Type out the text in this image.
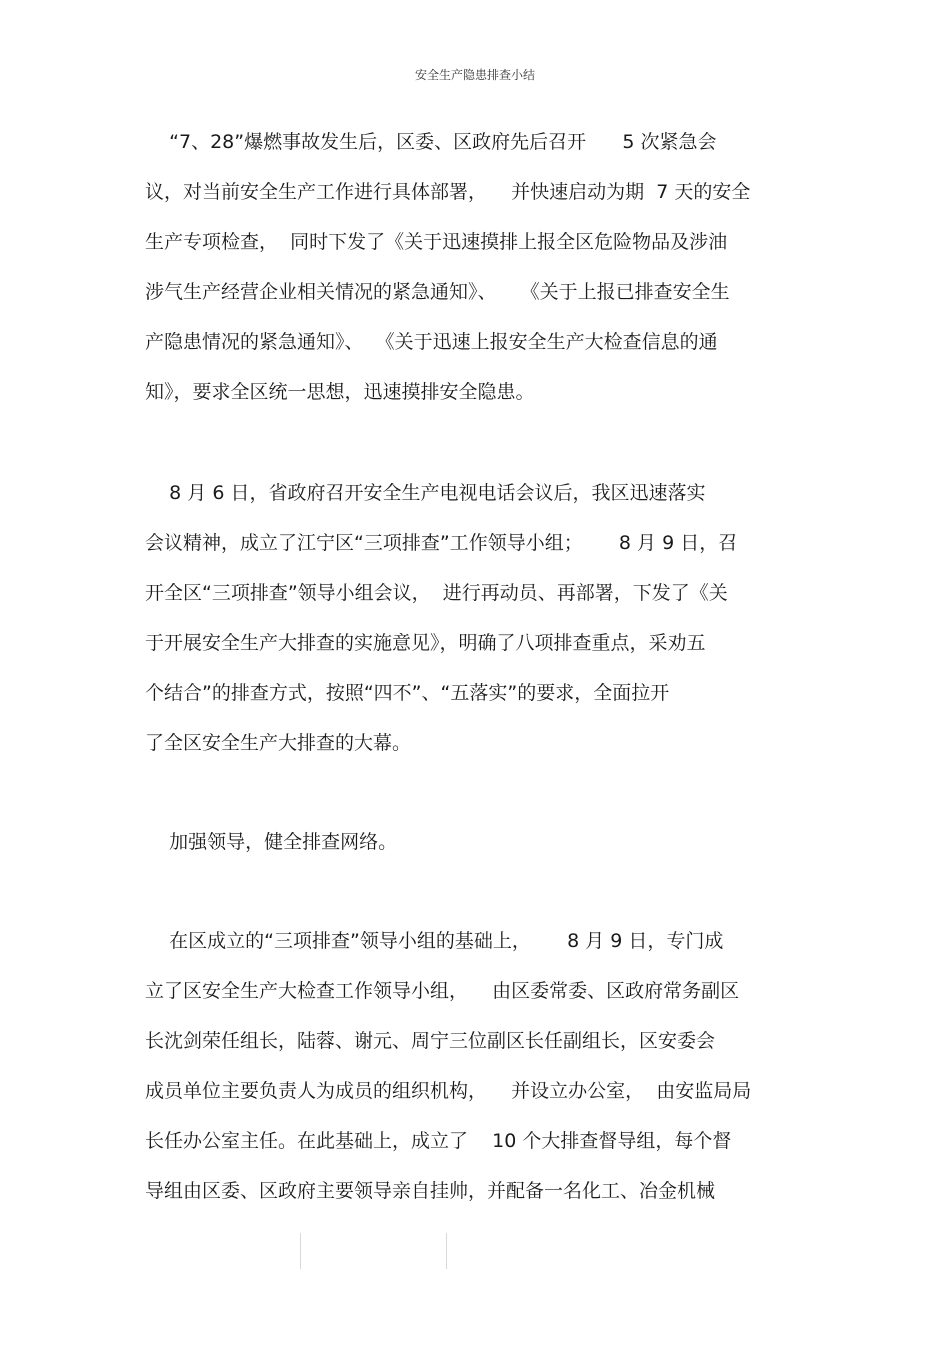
安全生产隐患排查小结
“7、28”爆燃事故发生后，区委、区政府先后召开      5 次紧急会
议，对当前安全生产工作进行具体部署，    并快速启动为期  7 天的安全
生产专项检查，  同时下发了《关于迅速摸排上报全区危险物品及涉油
涉气生产经营企业相关情况的紧急通知》、    《关于上报已排查安全生
产隐患情况的紧急通知》、  《关于迅速上报安全生产大检查信息的通
知》，要求全区统一思想，迅速摸排安全隐患。
8 月 6 日，省政府召开安全生产电视电话会议后，我区迅速落实
会议精神，成立了江宁区“三项排查”工作领导小组；      8 月 9 日，召
开全区“三项排查”领导小组会议，  进行再动员、再部署，下发了《关
于开展安全生产大排查的实施意见》，明确了八项排查重点，采劝五
个结合”的排查方式，按照“四不”、“五落实”的要求，全面拉开
了全区安全生产大排查的大幕。
加强领导，健全排查网络。
在区成立的“三项排查”领导小组的基础上，      8 月 9 日，专门成
立了区安全生产大检查工作领导小组，    由区委常委、区政府常务副区
长沈剑荣任组长，陆蓉、谢元、周宁三位副区长任副组长，区安委会
成员单位主要负责人为成员的组织机构，    并设立办公室，  由安监局局
长任办公室主任。在此基础上，成立了    10 个大排查督导组，每个督
导组由区委、区政府主要领导亲自挂帅，并配备一名化工、冶金机械
